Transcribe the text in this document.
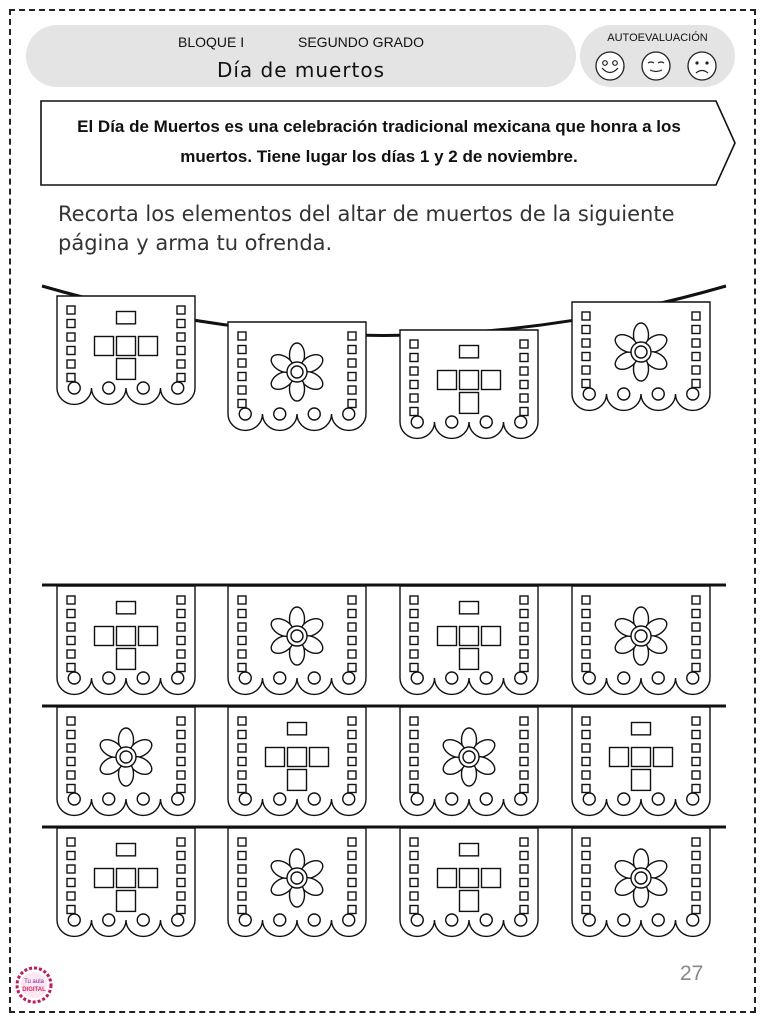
BLOQUE I	SEGUNDO GRADO
Día de muertos
AUTOEVALUACIÓN
El Día de Muertos es una celebración tradicional mexicana que honra a los muertos. Tiene lugar los días 1 y 2 de noviembre.
Recorta los elementos del altar de muertos de la siguiente página y arma tu ofrenda.
27
Tu aula
DIGITAL
